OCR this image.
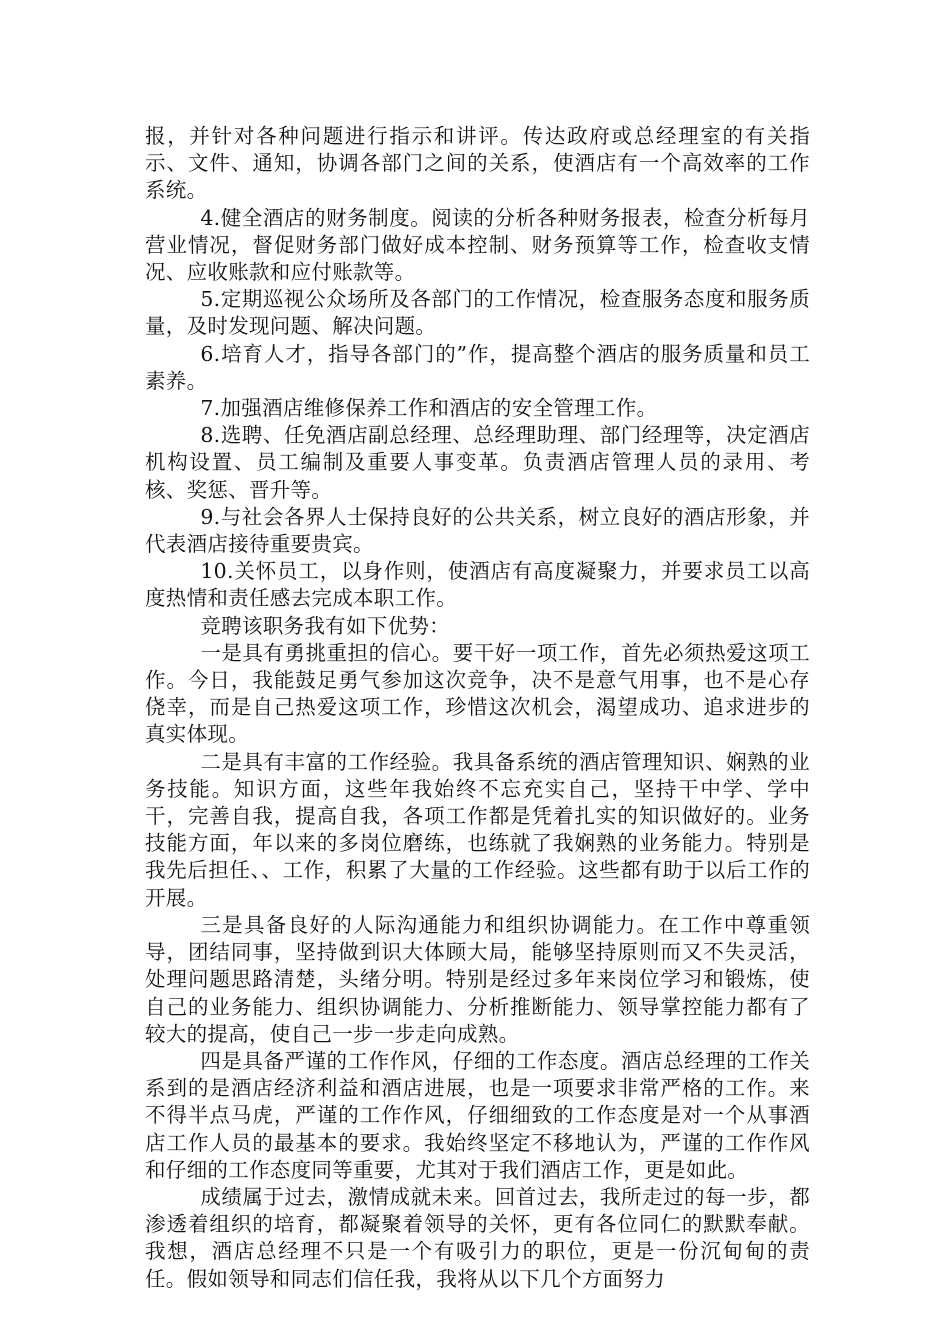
报，并针对各种问题进行指示和讲评。传达政府或总经理室的有关指示、文件、通知，协调各部门之间的关系，使酒店有一个高效率的工作系统。

4.健全酒店的财务制度。阅读的分析各种财务报表，检查分析每月营业情况，督促财务部门做好成本控制、财务预算等工作，检查收支情况、应收账款和应付账款等。

5.定期巡视公众场所及各部门的工作情况，检查服务态度和服务质量，及时发现问题、解决问题。

6.培育人才，指导各部门的”作，提高整个酒店的服务质量和员工素养。

7.加强酒店维修保养工作和酒店的安全管理工作。

8.选聘、任免酒店副总经理、总经理助理、部门经理等，决定酒店机构设置、员工编制及重要人事变革。负责酒店管理人员的录用、考核、奖惩、晋升等。

9.与社会各界人士保持良好的公共关系，树立良好的酒店形象，并代表酒店接待重要贵宾。

10.关怀员工，以身作则，使酒店有高度凝聚力，并要求员工以高度热情和责任感去完成本职工作。

竞聘该职务我有如下优势：

一是具有勇挑重担的信心。要干好一项工作，首先必须热爱这项工作。今日，我能鼓足勇气参加这次竞争，决不是意气用事，也不是心存侥幸，而是自己热爱这项工作，珍惜这次机会，渴望成功、追求进步的真实体现。

二是具有丰富的工作经验。我具备系统的酒店管理知识、娴熟的业务技能。知识方面，这些年我始终不忘充实自己，坚持干中学、学中干，完善自我，提高自我，各项工作都是凭着扎实的知识做好的。业务技能方面，年以来的多岗位磨练，也练就了我娴熟的业务能力。特别是我先后担任、、工作，积累了大量的工作经验。这些都有助于以后工作的开展。

三是具备良好的人际沟通能力和组织协调能力。在工作中尊重领导，团结同事，坚持做到识大体顾大局，能够坚持原则而又不失灵活，处理问题思路清楚，头绪分明。特别是经过多年来岗位学习和锻炼，使自己的业务能力、组织协调能力、分析推断能力、领导掌控能力都有了较大的提高，使自己一步一步走向成熟。

四是具备严谨的工作作风，仔细的工作态度。酒店总经理的工作关系到的是酒店经济利益和酒店进展，也是一项要求非常严格的工作。来不得半点马虎，严谨的工作作风，仔细细致的工作态度是对一个从事酒店工作人员的最基本的要求。我始终坚定不移地认为，严谨的工作作风和仔细的工作态度同等重要，尤其对于我们酒店工作，更是如此。

成绩属于过去，激情成就未来。回首过去，我所走过的每一步，都渗透着组织的培育，都凝聚着领导的关怀，更有各位同仁的默默奉献。我想，酒店总经理不只是一个有吸引力的职位，更是一份沉甸甸的责任。假如领导和同志们信任我，我将从以下几个方面努力
